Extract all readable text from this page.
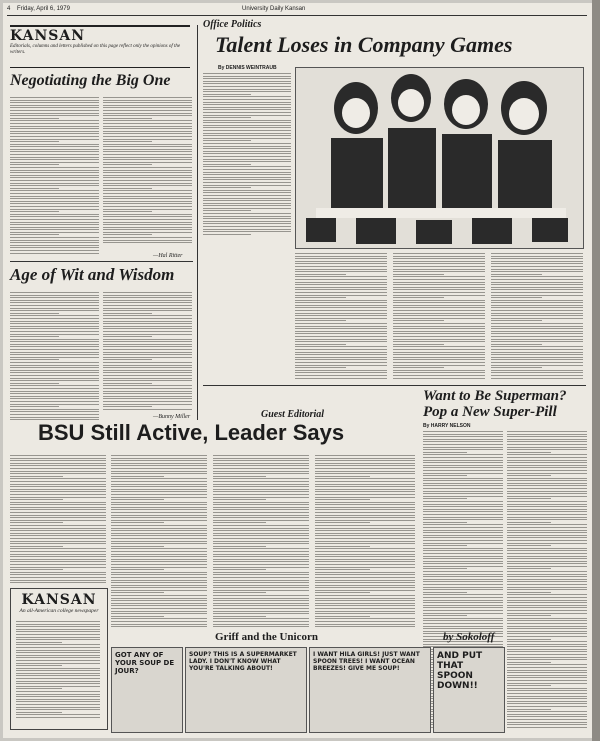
4 Friday, April 6, 1979	University Daily Kansan
KANSAN
Editorials, columns and letters published on this page reflect only the opinions of the writers.
Negotiating the Big One
—Hal Ritter
Age of Wit and Wisdom
—Bunny Miller
Office Politics
Talent Loses in Company Games
By DENNIS WEINTRAUB
Guest Editorial
BSU Still Active, Leader Says
Want to Be Superman? Pop a New Super-Pill
By HARRY NELSON
KANSAN
An all-American college newspaper
Griff and the Unicorn	by Sokoloff
GOT ANY OF YOUR SOUP DE JOUR?
SOUP? THIS IS A SUPERMARKET LADY. I DON'T KNOW WHAT YOU'RE TALKING ABOUT!
I WANT HILA GIRLS! JUST WANT SPOON TREES! I WANT OCEAN BREEZES! GIVE ME SOUP!
AND PUT THAT SPOON DOWN!!
